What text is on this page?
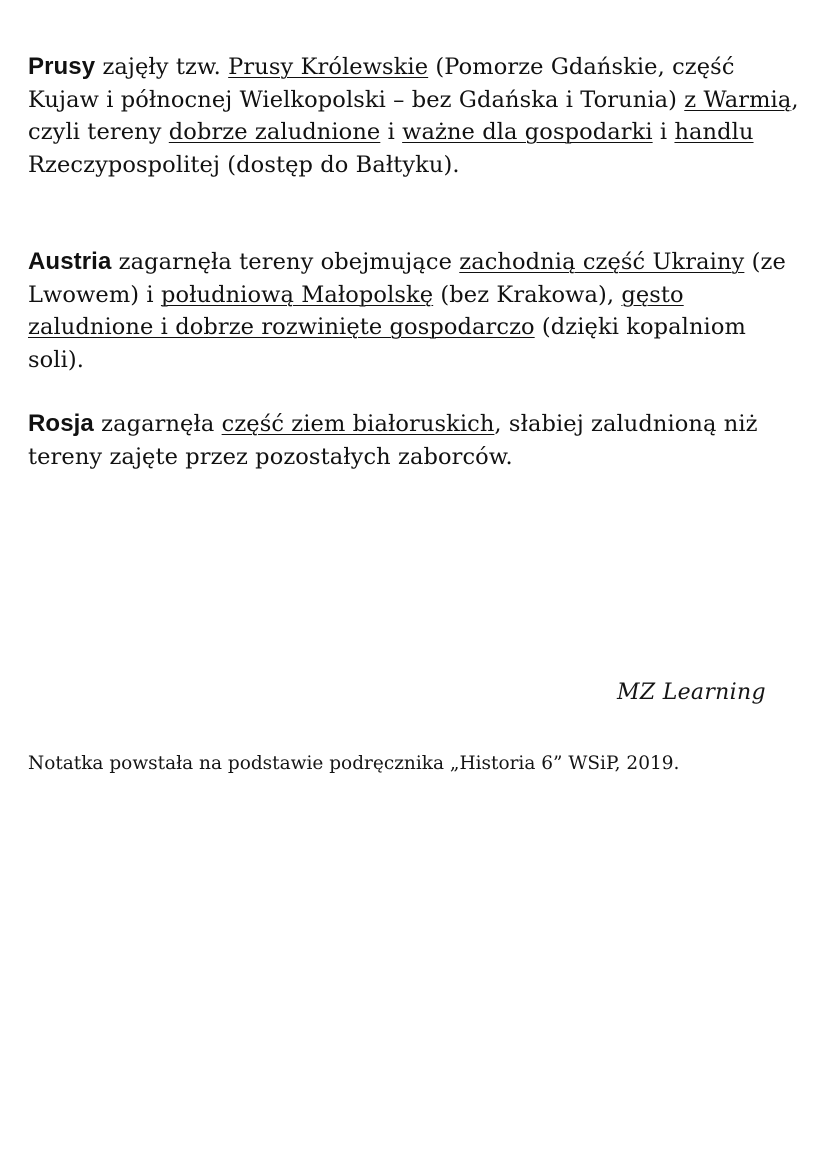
Prusy zajęły tzw. Prusy Królewskie (Pomorze Gdańskie, część Kujaw i północnej Wielkopolski – bez Gdańska i Torunia) z Warmią, czyli tereny dobrze zaludnione i ważne dla gospodarki i handlu Rzeczypospolitej (dostęp do Bałtyku).

Austria zagarnęła tereny obejmujące zachodnią część Ukrainy (ze Lwowem) i południową Małopolskę (bez Krakowa), gęsto zaludnione i dobrze rozwinięte gospodarczo (dzięki kopalniom soli).

Rosja zagarnęła część ziem białoruskich, słabiej zaludnioną niż tereny zajęte przez pozostałych zaborców.

MZ Learning
Notatka powstała na podstawie podręcznika „Historia 6” WSiP, 2019.
